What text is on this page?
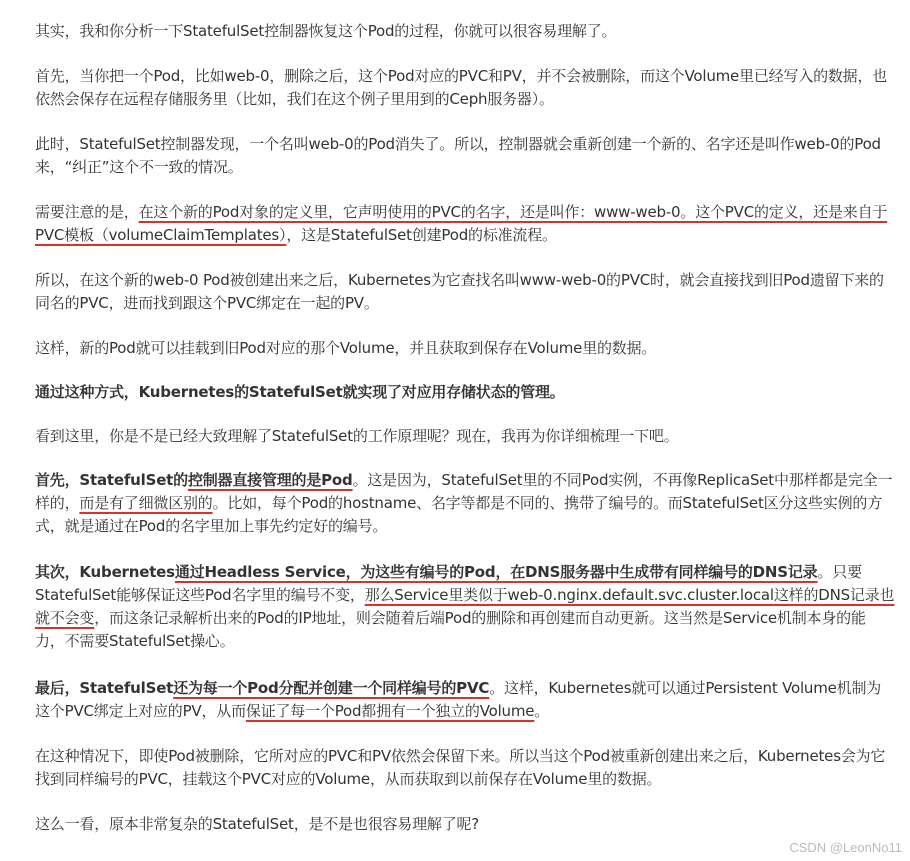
其实，我和你分析一下StatefulSet控制器恢复这个Pod的过程，你就可以很容易理解了。

首先，当你把一个Pod，比如web-0，删除之后，这个Pod对应的PVC和PV，并不会被删除，而这个Volume里已经写入的数据，也依然会保存在远程存储服务里（比如，我们在这个例子里用到的Ceph服务器）。

此时，StatefulSet控制器发现，一个名叫web-0的Pod消失了。所以，控制器就会重新创建一个新的、名字还是叫作web-0的Pod来，“纠正”这个不一致的情况。

需要注意的是，在这个新的Pod对象的定义里，它声明使用的PVC的名字，还是叫作：www-web-0。这个PVC的定义，还是来自于PVC模板（volumeClaimTemplates），这是StatefulSet创建Pod的标准流程。

所以，在这个新的web-0 Pod被创建出来之后，Kubernetes为它查找名叫www-web-0的PVC时，就会直接找到旧Pod遗留下来的同名的PVC，进而找到跟这个PVC绑定在一起的PV。

这样，新的Pod就可以挂载到旧Pod对应的那个Volume，并且获取到保存在Volume里的数据。

通过这种方式，Kubernetes的StatefulSet就实现了对应用存储状态的管理。

看到这里，你是不是已经大致理解了StatefulSet的工作原理呢？现在，我再为你详细梳理一下吧。

首先，StatefulSet的控制器直接管理的是Pod。这是因为，StatefulSet里的不同Pod实例，不再像ReplicaSet中那样都是完全一样的，而是有了细微区别的。比如，每个Pod的hostname、名字等都是不同的、携带了编号的。而StatefulSet区分这些实例的方式，就是通过在Pod的名字里加上事先约定好的编号。

其次，Kubernetes通过Headless Service，为这些有编号的Pod，在DNS服务器中生成带有同样编号的DNS记录。只要StatefulSet能够保证这些Pod名字里的编号不变，那么Service里类似于web-0.nginx.default.svc.cluster.local这样的DNS记录也就不会变，而这条记录解析出来的Pod的IP地址，则会随着后端Pod的删除和再创建而自动更新。这当然是Service机制本身的能力，不需要StatefulSet操心。

最后，StatefulSet还为每一个Pod分配并创建一个同样编号的PVC。这样，Kubernetes就可以通过Persistent Volume机制为这个PVC绑定上对应的PV，从而保证了每一个Pod都拥有一个独立的Volume。

在这种情况下，即使Pod被删除，它所对应的PVC和PV依然会保留下来。所以当这个Pod被重新创建出来之后，Kubernetes会为它找到同样编号的PVC，挂载这个PVC对应的Volume，从而获取到以前保存在Volume里的数据。

这么一看，原本非常复杂的StatefulSet，是不是也很容易理解了呢?

CSDN @LeonNo11
